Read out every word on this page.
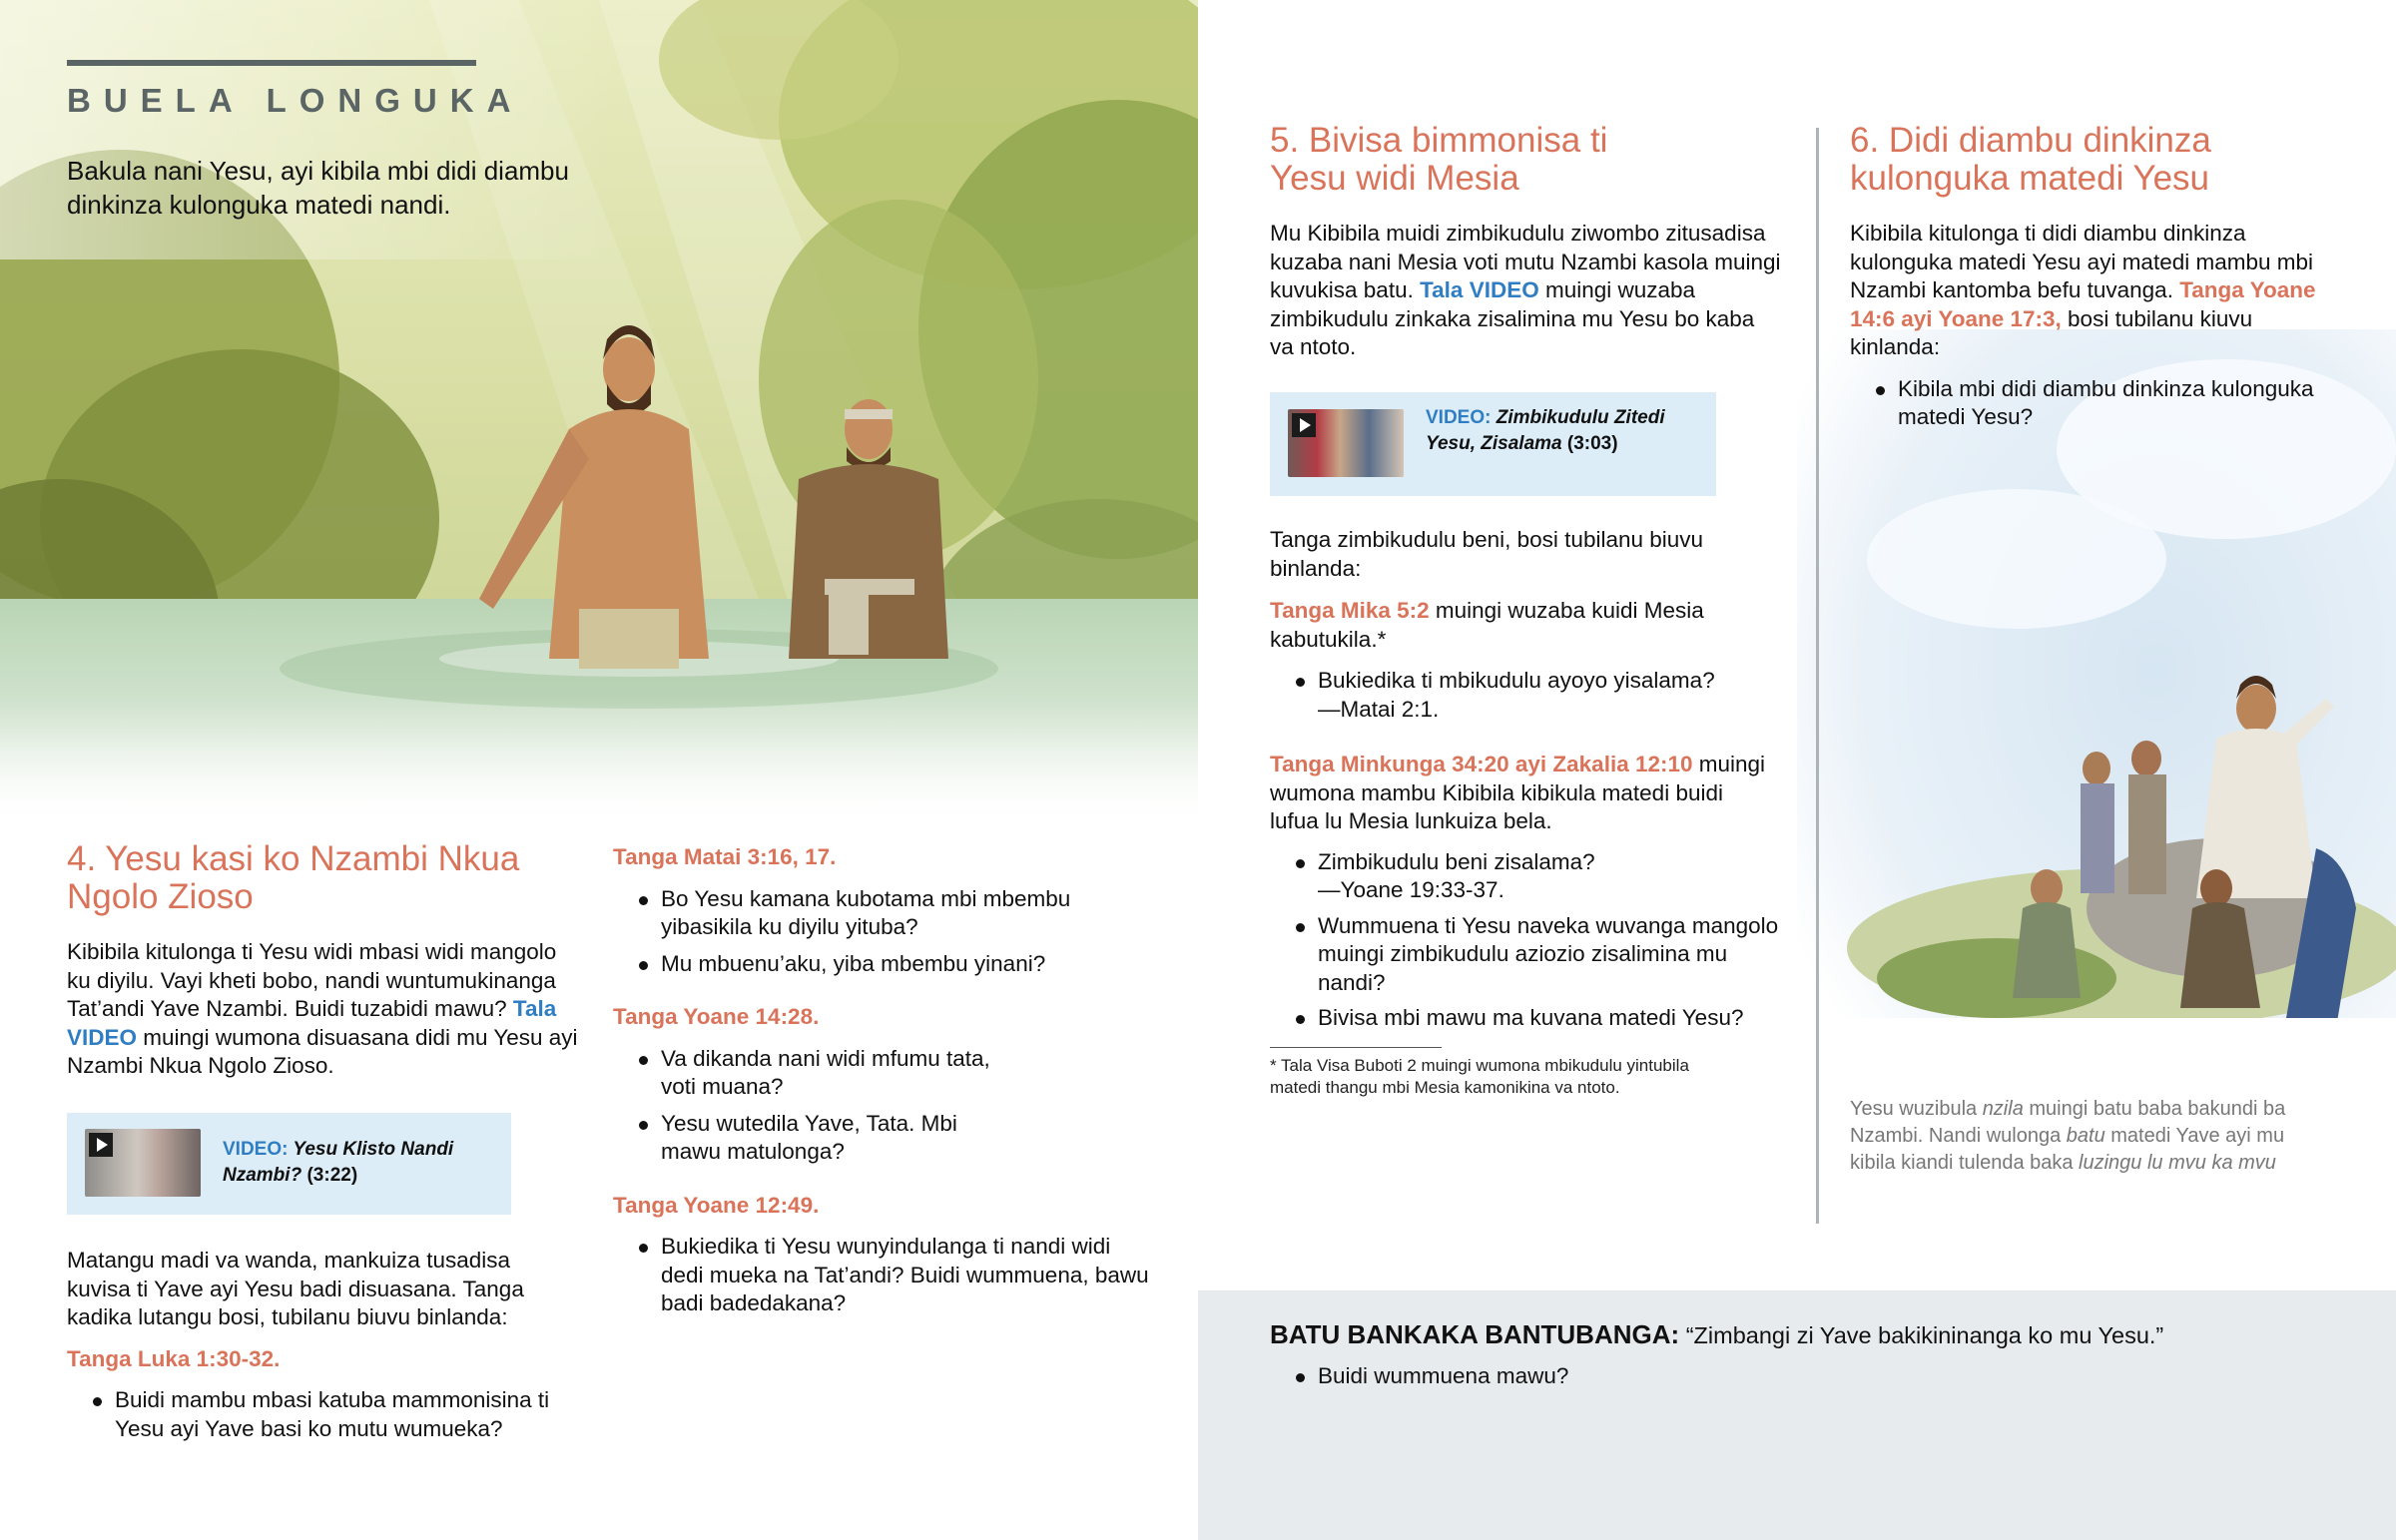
BUELA LONGUKA
Bakula nani Yesu, ayi kibila mbi didi diambu dinkinza kulonguka matedi nandi.
4. Yesu kasi ko Nzambi Nkua
Ngolo Zioso

Kibibila kitulonga ti Yesu widi mbasi widi mangolo ku diyilu. Vayi kheti bobo, nandi wuntumukinanga Tat’andi Yave Nzambi. Buidi tuzabidi mawu? Tala VIDEO muingi wumona disuasana didi mu Yesu ayi Nzambi Nkua Ngolo Zioso.

VIDEO: Yesu Klisto Nandi Nzambi? (3:22)

Matangu madi va wanda, mankuiza tusadisa kuvisa ti Yave ayi Yesu badi disuasana. Tanga kadika lutangu bosi, tubilanu biuvu binlanda:

Tanga Luka 1:30-32.

Buidi mambu mbasi katuba mammonisina ti Yesu ayi Yave basi ko mutu wumueka?

Tanga Matai 3:16, 17.

Bo Yesu kamana kubotama mbi mbembu yibasikila ku diyilu yituba?
Mu mbuenu’aku, yiba mbembu yinani?

Tanga Yoane 14:28.

Va dikanda nani widi mfumu tata, voti muana?
Yesu wutedila Yave, Tata. Mbi mawu matulonga?

Tanga Yoane 12:49.

Bukiedika ti Yesu wunyindulanga ti nandi widi dedi mueka na Tat’andi? Buidi wummuena, bawu badi badedakana?
5. Bivisa bimmonisa ti
Yesu widi Mesia

Mu Kibibila muidi zimbikudulu ziwombo zitusadisa kuzaba nani Mesia voti mutu Nzambi kasola muingi kuvukisa batu. Tala VIDEO muingi wuzaba zimbikudulu zinkaka zisalimina mu Yesu bo kaba va ntoto.

VIDEO: Zimbikudulu Zitedi Yesu, Zisalama (3:03)

Tanga zimbikudulu beni, bosi tubilanu biuvu binlanda:

Tanga Mika 5:2 muingi wuzaba kuidi Mesia kabutukila.*

Bukiedika ti mbikudulu ayoyo yisalama?
—Matai 2:1.

Tanga Minkunga 34:20 ayi Zakalia 12:10 muingi wumona mambu Kibibila kibikula matedi buidi lufua lu Mesia lunkuiza bela.

Zimbikudulu beni zisalama?
—Yoane 19:33-37.
Wummuena ti Yesu naveka wuvanga mangolo muingi zimbikudulu aziozio zisalimina mu nandi?
Bivisa mbi mawu ma kuvana matedi Yesu?

* Tala Visa Buboti 2 muingi wumona mbikudulu yintubila matedi thangu mbi Mesia kamonikina va ntoto.

6. Didi diambu dinkinza
kulonguka matedi Yesu

Kibibila kitulonga ti didi diambu dinkinza kulonguka matedi Yesu ayi matedi mambu mbi Nzambi kantomba befu tuvanga. Tanga Yoane 14:6 ayi Yoane 17:3, bosi tubilanu kiuvu kinlanda:

Kibila mbi didi diambu dinkinza kulonguka matedi Yesu?

Yesu wuzibula nzila muingi batu baba bakundi ba Nzambi. Nandi wulonga batu matedi Yave ayi mu kibila kiandi tulenda baka luzingu lu mvu ka mvu

BATU BANKAKA BANTUBANGA: “Zimbangi zi Yave bakikininanga ko mu Yesu.”

Buidi wummuena mawu?
